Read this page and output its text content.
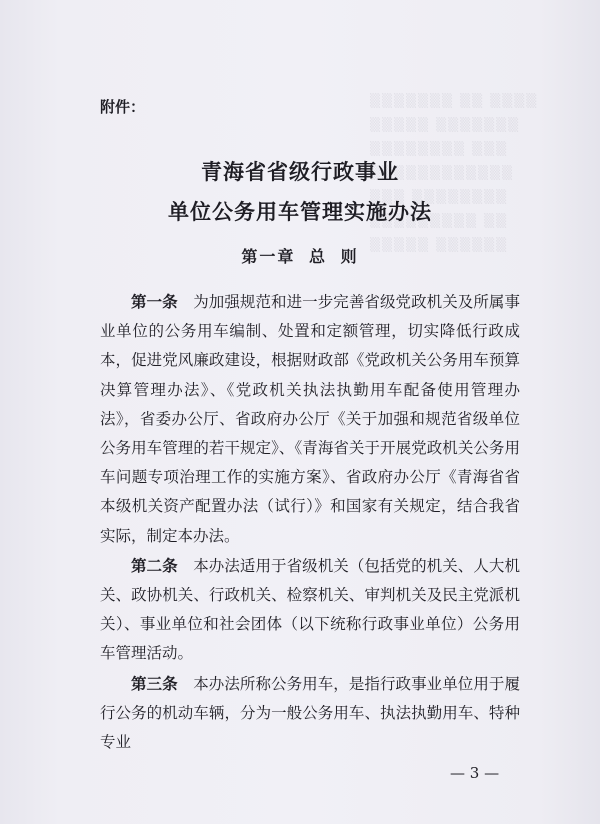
▒▒▒▒▒▒▒ ▒▒ ▒▒▒▒
▒▒▒▒▒ ▒▒▒▒▒▒▒
▒▒▒▒▒▒▒▒ ▒▒▒
▒▒▒▒▒▒▒▒▒▒▒▒
▒▒▒ ▒▒▒▒▒▒▒▒
▒▒▒▒▒▒▒▒▒ ▒▒
▒▒▒▒▒ ▒▒▒▒▒▒

附件：

青海省省级行政事业
单位公务用车管理实施办法
第一章 总 则

第一条　 为加强规范和进一步完善省级党政机关及所属事业单位的公务用车编制、处置和定额管理，切实降低行政成本，促进党风廉政建设，根据财政部《党政机关公务用车预算决算管理办法》、《党政机关执法执勤用车配备使用管理办法》，省委办公厅、省政府办公厅《关于加强和规范省级单位公务用车管理的若干规定》、《青海省关于开展党政机关公务用车问题专项治理工作的实施方案》、省政府办公厅《青海省省本级机关资产配置办法（试行）》和国家有关规定，结合我省实际，制定本办法。

第二条　 本办法适用于省级机关（包括党的机关、人大机关、政协机关、行政机关、检察机关、审判机关及民主党派机关）、事业单位和社会团体（以下统称行政事业单位）公务用车管理活动。

第三条　 本办法所称公务用车，是指行政事业单位用于履行公务的机动车辆，分为一般公务用车、执法执勤用车、特种专业

— 3 —
